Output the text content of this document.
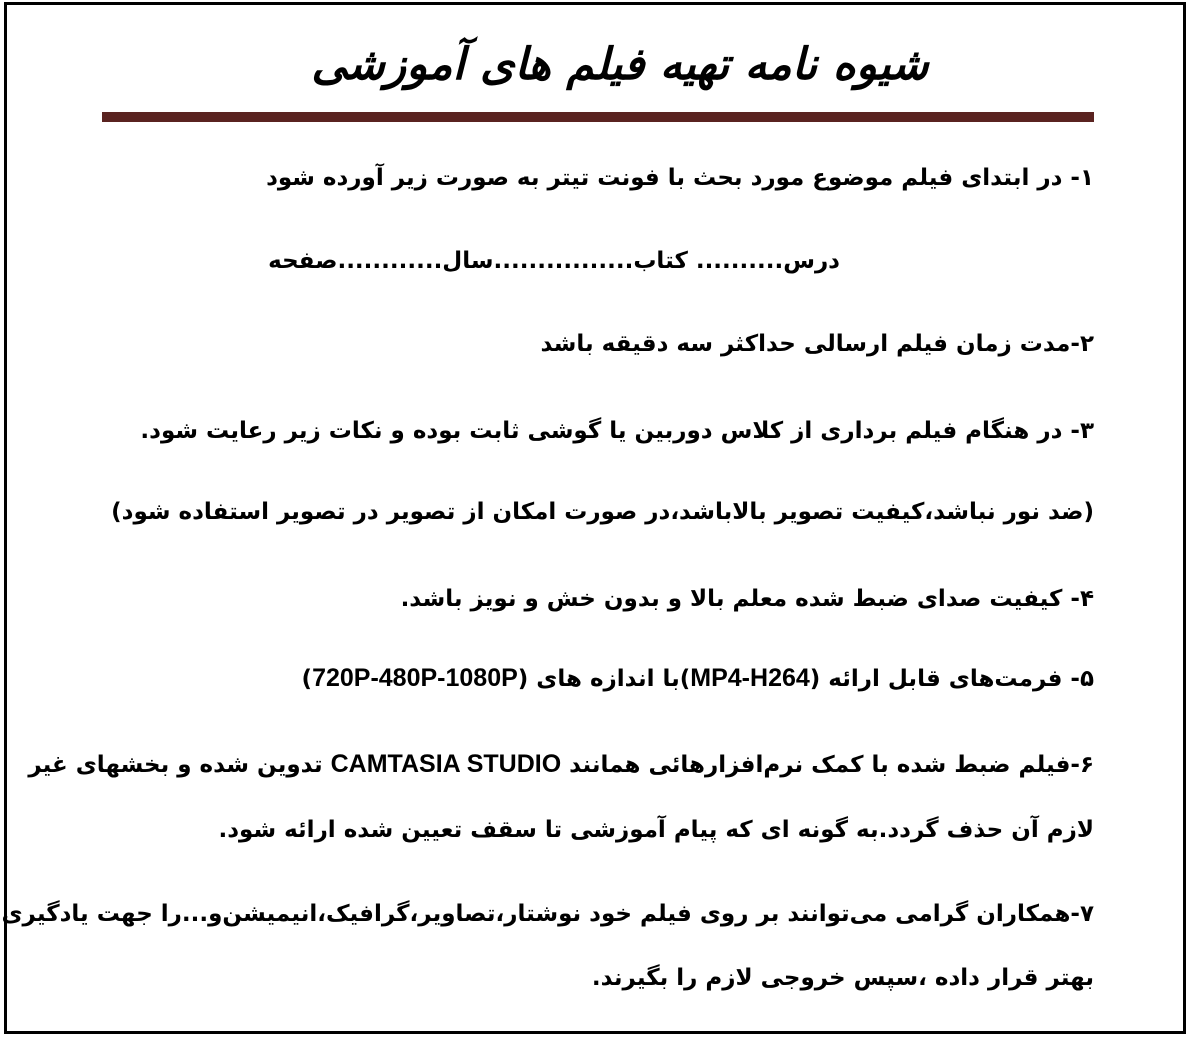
شیوه نامه تهیه فیلم های آموزشی
۱- در ابتدای فیلم موضوع مورد بحث با فونت تیتر به صورت زیر آورده شود
درس.......... کتاب................سال............صفحه
۲-مدت زمان فیلم ارسالی حداکثر سه دقیقه باشد
۳- در هنگام فیلم برداری از کلاس دوربین یا گوشی ثابت بوده و نکات زیر رعایت شود.
(ضد نور نباشد،کیفیت تصویر بالاباشد،در صورت امکان از تصویر در تصویر استفاده شود)
۴- کیفیت صدای ضبط شده معلم بالا و بدون خش و نویز باشد.
۵- فرمت‌های قابل ارائه (MP4-H264)با اندازه های (720P-480P-1080P)
۶-فیلم ضبط شده با کمک نرم‌افزارهائی همانند CAMTASIA STUDIO تدوین شده و بخشهای غیر
لازم آن حذف گردد.به گونه ای که پیام آموزشی تا سقف تعیین شده ارائه شود.
۷-همکاران گرامی می‌توانند بر روی فیلم خود نوشتار،تصاویر،گرافیک،انیمیشن‌و...را جهت یادگیری
بهتر قرار داده ،سپس خروجی لازم را بگیرند.
